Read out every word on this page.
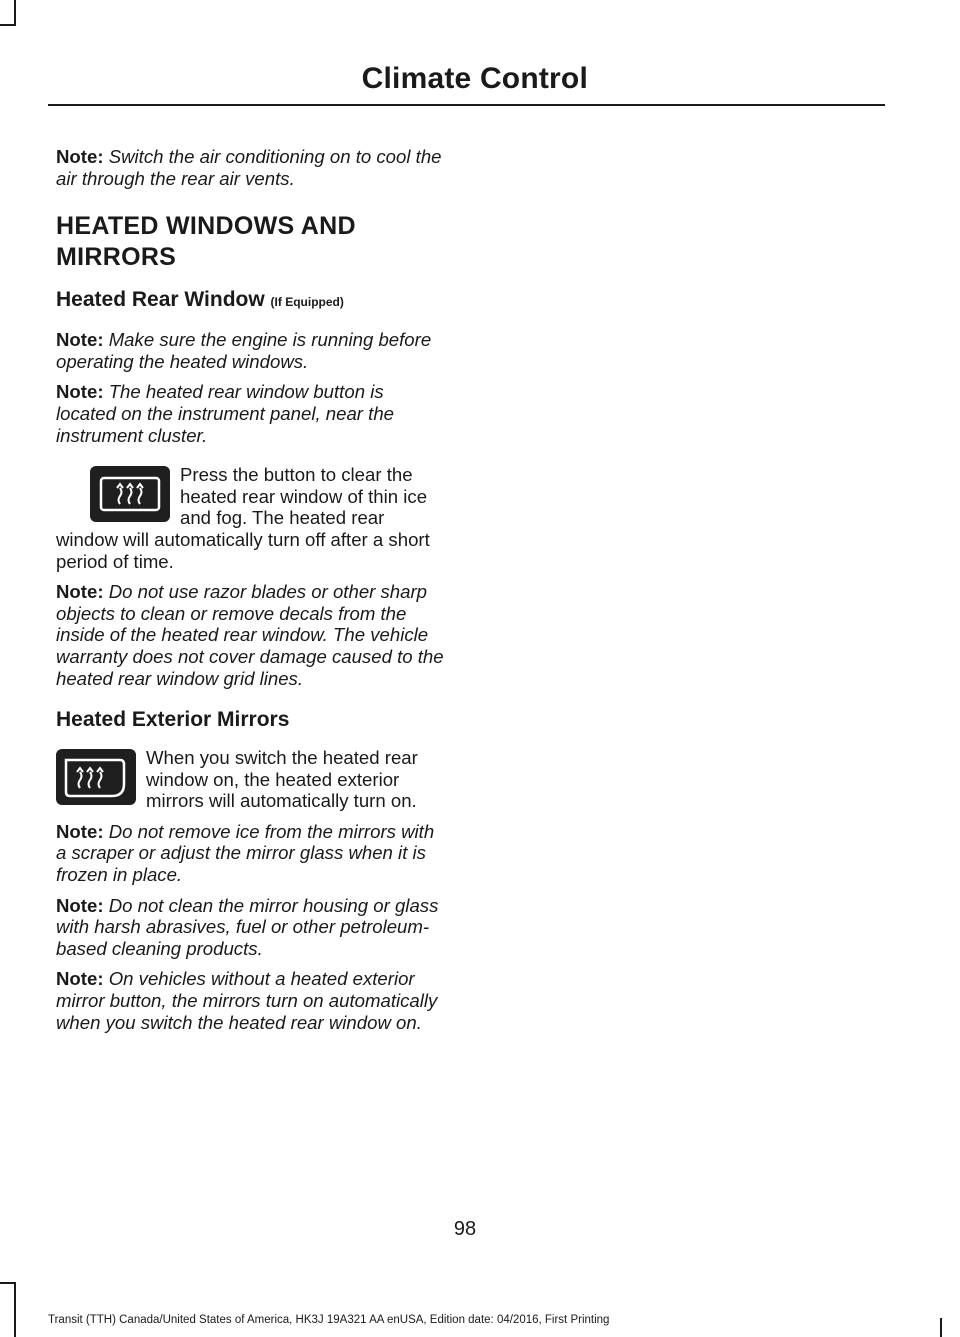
Climate Control

Note: Switch the air conditioning on to cool the air through the rear air vents.

HEATED WINDOWS AND MIRRORS
Heated Rear Window (If Equipped)

Note: Make sure the engine is running before operating the heated windows.

Note: The heated rear window button is located on the instrument panel, near the instrument cluster.

Press the button to clear the heated rear window of thin ice and fog. The heated rear window will automatically turn off after a short period of time.

Note: Do not use razor blades or other sharp objects to clean or remove decals from the inside of the heated rear window. The vehicle warranty does not cover damage caused to the heated rear window grid lines.

Heated Exterior Mirrors

When you switch the heated rear window on, the heated exterior mirrors will automatically turn on.

Note: Do not remove ice from the mirrors with a scraper or adjust the mirror glass when it is frozen in place.

Note: Do not clean the mirror housing or glass with harsh abrasives, fuel or other petroleum-based cleaning products.

Note: On vehicles without a heated exterior mirror button, the mirrors turn on automatically when you switch the heated rear window on.

98
Transit (TTH) Canada/United States of America, HK3J 19A321 AA enUSA, Edition date: 04/2016, First Printing
